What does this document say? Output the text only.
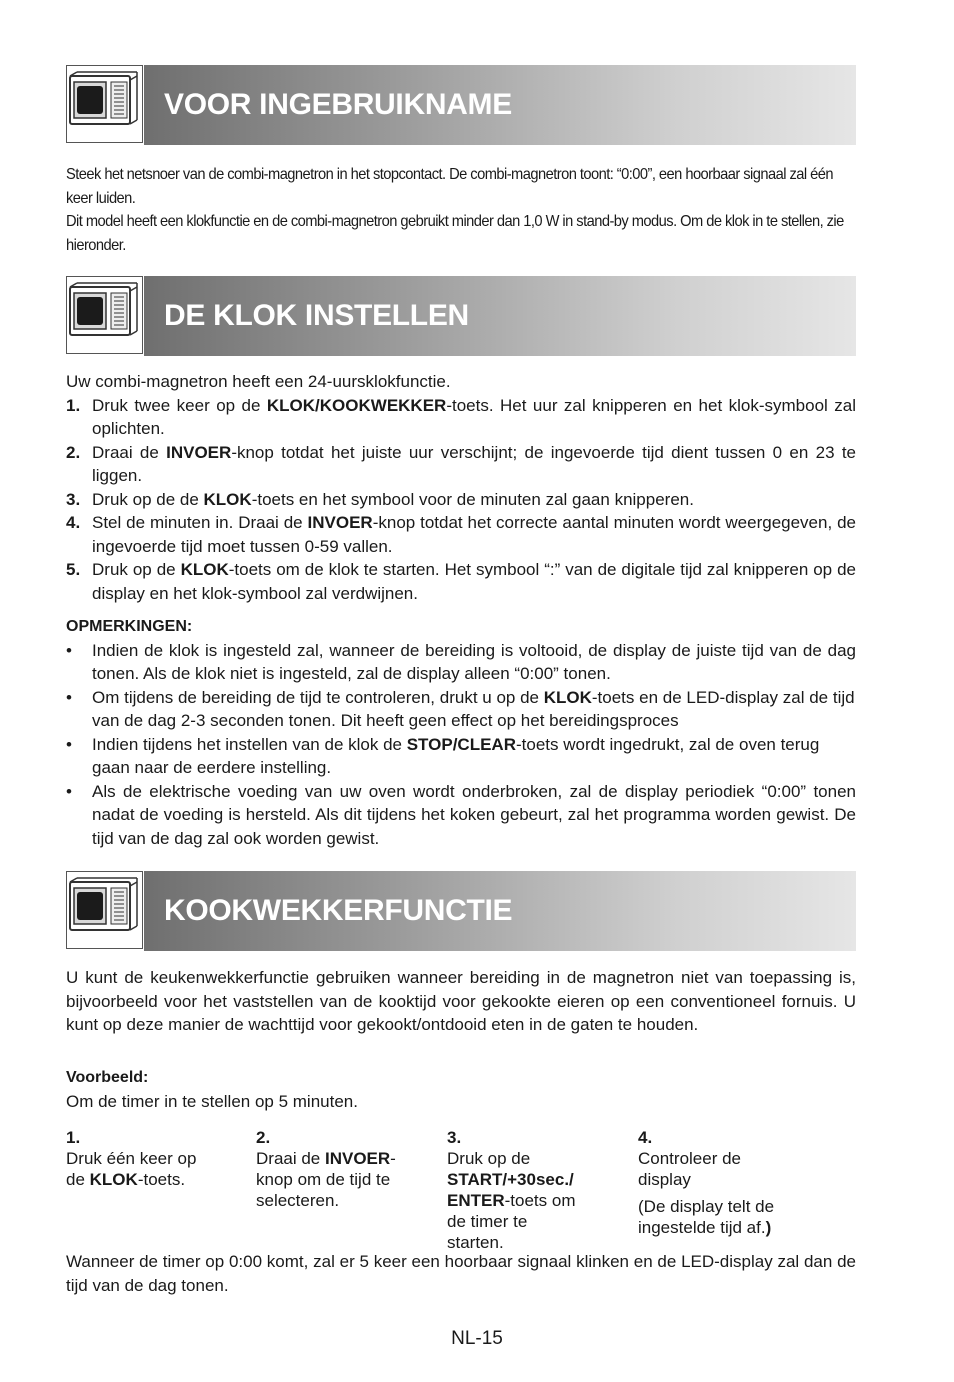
VOOR INGEBRUIKNAME
Steek het netsnoer van de combi-magnetron in het stopcontact. De combi-magnetron toont: “0:00”, een hoorbaar signaal zal één keer luiden.
Dit model heeft een klokfunctie en de combi-magnetron gebruikt minder dan 1,0 W in stand-by modus. Om de klok in te stellen, zie hieronder.
DE KLOK INSTELLEN
Uw combi-magnetron heeft een 24-uursklokfunctie.
1. Druk twee keer op de KLOK/KOOKWEKKER-toets. Het uur zal knipperen en het klok-symbool zal oplichten.
2. Draai de INVOER-knop totdat het juiste uur verschijnt; de ingevoerde tijd dient tussen 0 en 23 te liggen.
3. Druk op de de KLOK-toets en het symbool voor de minuten zal gaan knipperen.
4. Stel de minuten in. Draai de INVOER-knop totdat het correcte aantal minuten wordt weergegeven, de ingevoerde tijd moet tussen 0-59 vallen.
5. Druk op de KLOK-toets om de klok te starten. Het symbool “:” van de digitale tijd zal knipperen op de display en het klok-symbool zal verdwijnen.
OPMERKINGEN:
• Indien de klok is ingesteld zal, wanneer de bereiding is voltooid, de display de juiste tijd van de dag tonen. Als de klok niet is ingesteld, zal de display alleen “0:00” tonen.
• Om tijdens de bereiding de tijd te controleren, drukt u op de KLOK-toets en de LED-display zal de tijd van de dag 2-3 seconden tonen. Dit heeft geen effect op het bereidingsproces
• Indien tijdens het instellen van de klok de STOP/CLEAR-toets wordt ingedrukt, zal de oven terug gaan naar de eerdere instelling.
• Als de elektrische voeding van uw oven wordt onderbroken, zal de display periodiek “0:00” tonen nadat de voeding is hersteld. Als dit tijdens het koken gebeurt, zal het programma worden gewist. De tijd van de dag zal ook worden gewist.
KOOKWEKKERFUNCTIE
U kunt de keukenwekkerfunctie gebruiken wanneer bereiding in de magnetron niet van toepassing is, bijvoorbeeld voor het vaststellen van de kooktijd voor gekookte eieren op een conventioneel fornuis. U kunt op deze manier de wachttijd voor gekookt/ontdooid eten in de gaten te houden.
Voorbeeld:
Om de timer in te stellen op 5 minuten.
1.Druk één keer op de KLOK-toets.
2.Draai de INVOER-knop om de tijd te selecteren.
3.Druk op de START/+30sec./ ENTER-toets om de timer te starten.
4.Controleer de display
(De display telt de ingestelde tijd af.)
Wanneer de timer op 0:00 komt, zal er 5 keer een hoorbaar signaal klinken en de LED-display zal dan de tijd van de dag tonen.
NL-15
